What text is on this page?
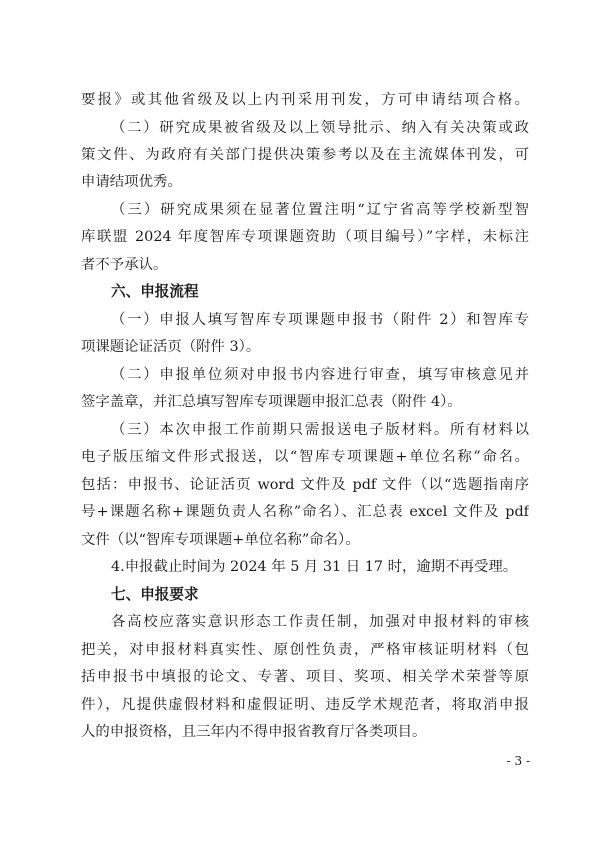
要报》或其他省级及以上内刊采用刊发，方可申请结项合格。
（二）研究成果被省级及以上领导批示、纳入有关决策或政
策文件、为政府有关部门提供决策参考以及在主流媒体刊发，可
申请结项优秀。
（三）研究成果须在显著位置注明“辽宁省高等学校新型智
库联盟 2024 年度智库专项课题资助（项目编号）”字样，未标注
者不予承认。
六、申报流程
（一）申报人填写智库专项课题申报书（附件 2）和智库专
项课题论证活页（附件 3）。
（二）申报单位须对申报书内容进行审查，填写审核意见并
签字盖章，并汇总填写智库专项课题申报汇总表（附件 4）。
（三）本次申报工作前期只需报送电子版材料。所有材料以
电子版压缩文件形式报送，以“智库专项课题+单位名称”命名。
包括：申报书、论证活页 word 文件及 pdf 文件（以“选题指南序
号+课题名称+课题负责人名称”命名）、汇总表 excel 文件及 pdf
文件（以“智库专项课题+单位名称”命名）。
4.申报截止时间为 2024 年 5 月 31 日 17 时，逾期不再受理。
七、申报要求
各高校应落实意识形态工作责任制，加强对申报材料的审核
把关，对申报材料真实性、原创性负责，严格审核证明材料（包
括申报书中填报的论文、专著、项目、奖项、相关学术荣誉等原
件），凡提供虚假材料和虚假证明、违反学术规范者，将取消申报
人的申报资格，且三年内不得申报省教育厅各类项目。
- 3 -
